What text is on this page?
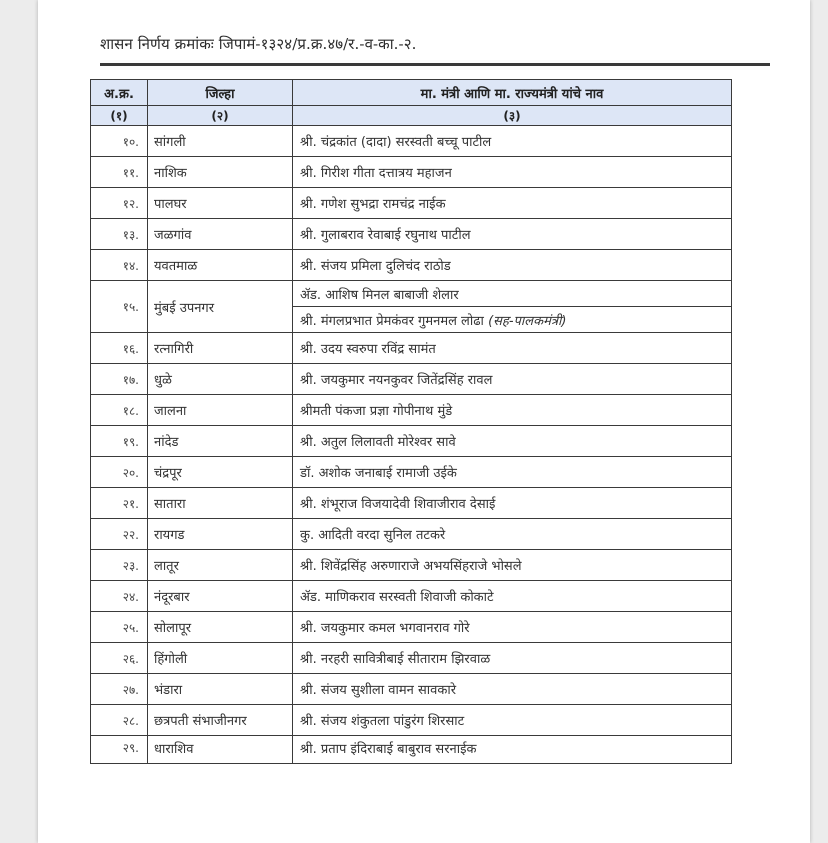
शासन निर्णय क्रमांकः जिपामं-१३२४/प्र.क्र.४७/र.-व-का.-२.
अ.क्र.	जिल्हा	मा. मंत्री आणि मा. राज्यमंत्री यांचे नाव
(१)	(२)	(३)
१०.	सांगली	श्री. चंद्रकांत (दादा) सरस्वती बच्चू पाटील
११.	नाशिक	श्री. गिरीश गीता दत्तात्रय महाजन
१२.	पालघर	श्री. गणेश सुभद्रा रामचंद्र नाईक
१३.	जळगांव	श्री. गुलाबराव रेवाबाई रघुनाथ पाटील
१४.	यवतमाळ	श्री. संजय प्रमिला दुलिचंद राठोड
१५.	मुंबई उपनगर	ॲड. आशिष मिनल बाबाजी शेलार
		श्री. मंगलप्रभात प्रेमकंवर गुमनमल लोढा (सह-पालकमंत्री)
१६.	रत्नागिरी	श्री. उदय स्वरुपा रविंद्र सामंत
१७.	धुळे	श्री. जयकुमार नयनकुवर जितेंद्रसिंह रावल
१८.	जालना	श्रीमती पंकजा प्रज्ञा गोपीनाथ मुंडे
१९.	नांदेड	श्री. अतुल लिलावती मोरेश्वर सावे
२०.	चंद्रपूर	डॉ. अशोक जनाबाई रामाजी उईके
२१.	सातारा	श्री. शंभूराज विजयादेवी शिवाजीराव देसाई
२२.	रायगड	कु. आदिती वरदा सुनिल तटकरे
२३.	लातूर	श्री. शिवेंद्रसिंह अरुणाराजे अभयसिंहराजे भोसले
२४.	नंदूरबार	ॲड. माणिकराव सरस्वती शिवाजी कोकाटे
२५.	सोलापूर	श्री. जयकुमार कमल भगवानराव गोरे
२६.	हिंगोली	श्री. नरहरी सावित्रीबाई सीताराम झिरवाळ
२७.	भंडारा	श्री. संजय सुशीला वामन सावकारे
२८.	छत्रपती संभाजीनगर	श्री. संजय शंकुतला पांडुरंग शिरसाट
२९.	धाराशिव	श्री. प्रताप इंदिराबाई बाबुराव सरनाईक
